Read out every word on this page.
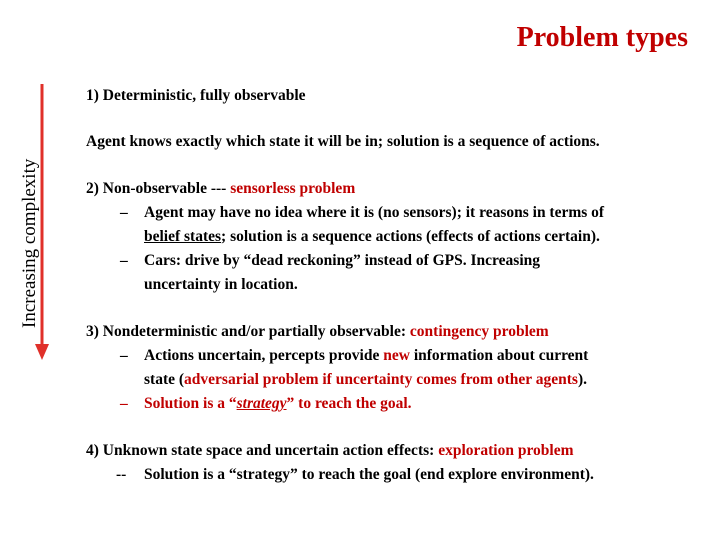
Problem types
Increasing complexity
1) Deterministic, fully observable
Agent knows exactly which state it will be in; solution is a sequence of actions.
2) Non-observable --- sensorless problem
– Agent may have no idea where it is (no sensors); it reasons in terms of
belief states; solution is a sequence actions (effects of actions certain).
– Cars: drive by “dead reckoning” instead of GPS. Increasing
uncertainty in location.
3) Nondeterministic and/or partially observable: contingency problem
– Actions uncertain, percepts provide new information about current
state (adversarial problem if uncertainty comes from other agents).
– Solution is a “strategy” to reach the goal.
4) Unknown state space and uncertain action effects: exploration problem
-- Solution is a “strategy” to reach the goal (end explore environment).
